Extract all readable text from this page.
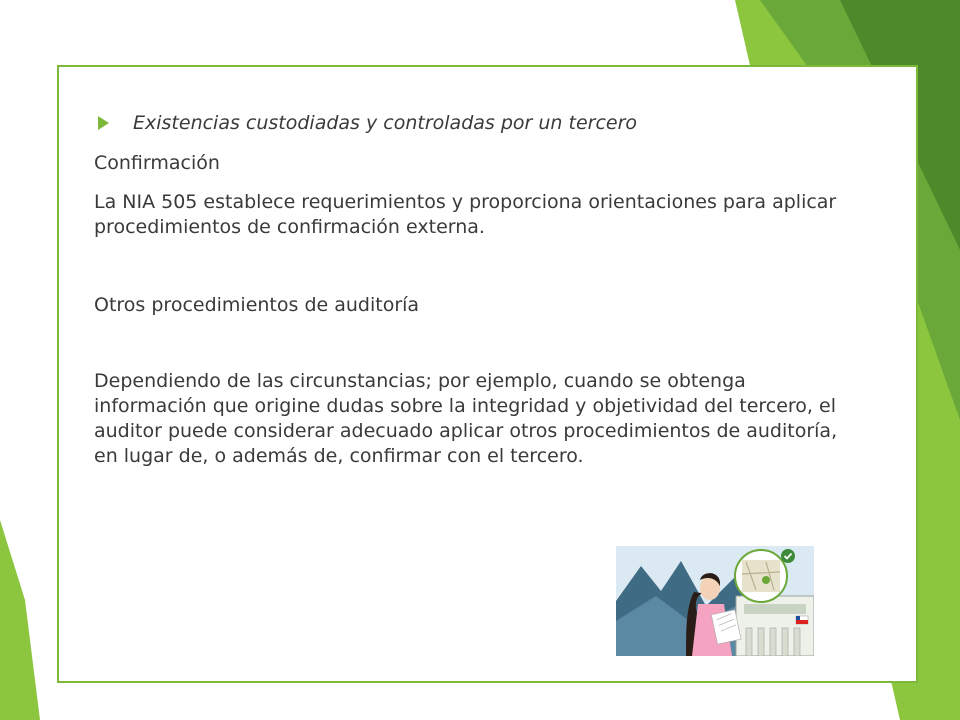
Existencias custodiadas y controladas por un tercero

Confirmación

La NIA 505 establece requerimientos y proporciona orientaciones para aplicar procedimientos de confirmación externa.

Otros procedimientos de auditoría

Dependiendo de las circunstancias; por ejemplo, cuando se obtenga información que origine dudas sobre la integridad y objetividad del tercero, el auditor puede considerar adecuado aplicar otros procedimientos de auditoría, en lugar de, o además de, confirmar con el tercero.
